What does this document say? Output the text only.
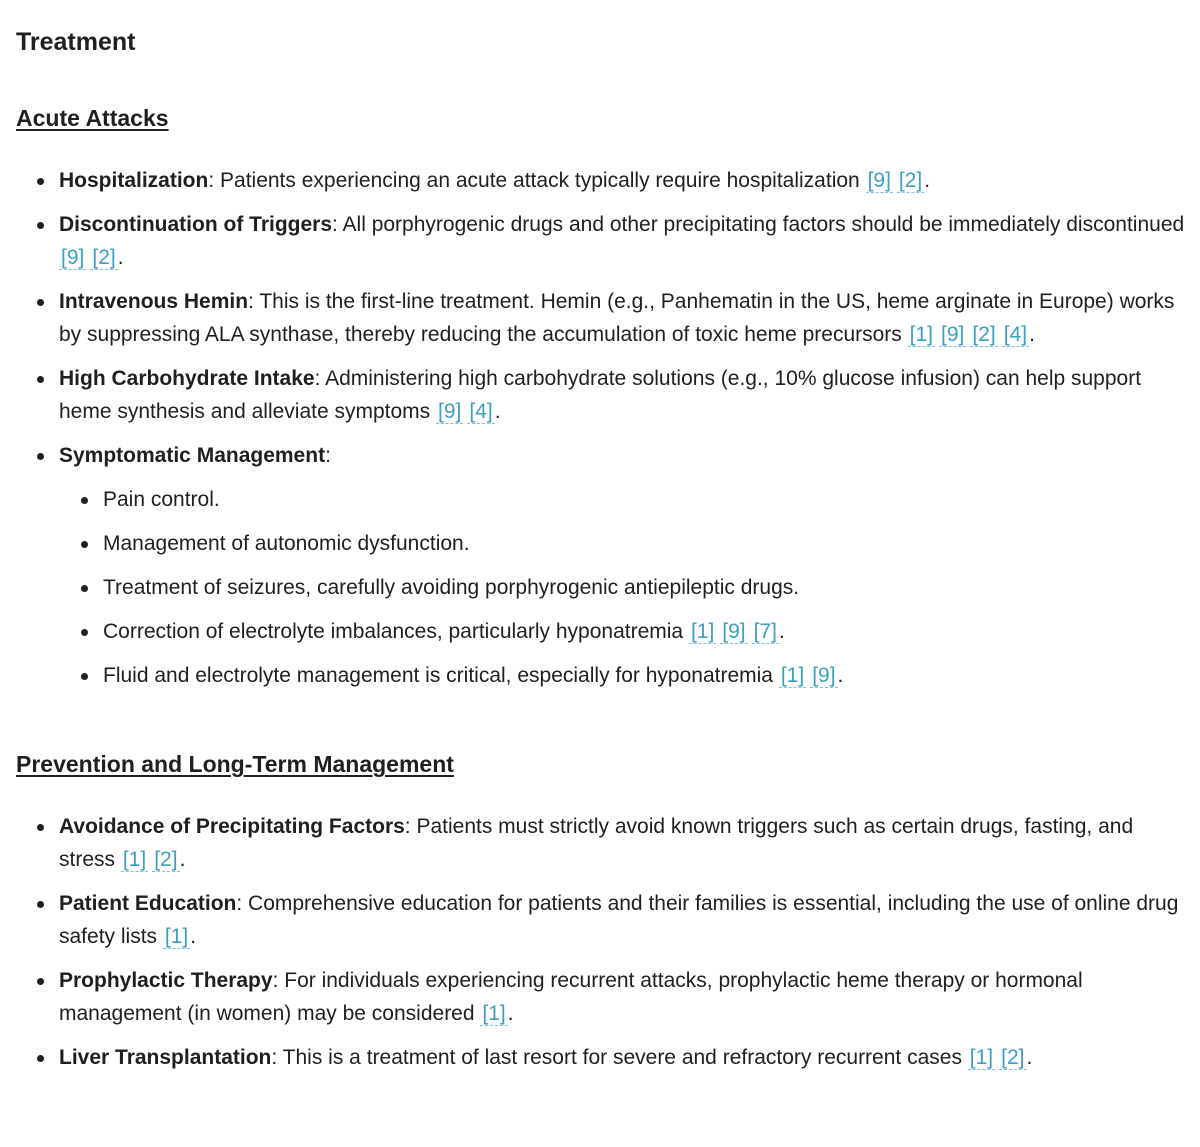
Treatment
Acute Attacks
Hospitalization: Patients experiencing an acute attack typically require hospitalization [9] [2].
Discontinuation of Triggers: All porphyrogenic drugs and other precipitating factors should be immediately discontinued [9] [2].
Intravenous Hemin: This is the first-line treatment. Hemin (e.g., Panhematin in the US, heme arginate in Europe) works by suppressing ALA synthase, thereby reducing the accumulation of toxic heme precursors [1] [9] [2] [4].
High Carbohydrate Intake: Administering high carbohydrate solutions (e.g., 10% glucose infusion) can help support heme synthesis and alleviate symptoms [9] [4].
Symptomatic Management:
Pain control.
Management of autonomic dysfunction.
Treatment of seizures, carefully avoiding porphyrogenic antiepileptic drugs.
Correction of electrolyte imbalances, particularly hyponatremia [1] [9] [7].
Fluid and electrolyte management is critical, especially for hyponatremia [1] [9].
Prevention and Long-Term Management
Avoidance of Precipitating Factors: Patients must strictly avoid known triggers such as certain drugs, fasting, and stress [1] [2].
Patient Education: Comprehensive education for patients and their families is essential, including the use of online drug safety lists [1].
Prophylactic Therapy: For individuals experiencing recurrent attacks, prophylactic heme therapy or hormonal management (in women) may be considered [1].
Liver Transplantation: This is a treatment of last resort for severe and refractory recurrent cases [1] [2].
